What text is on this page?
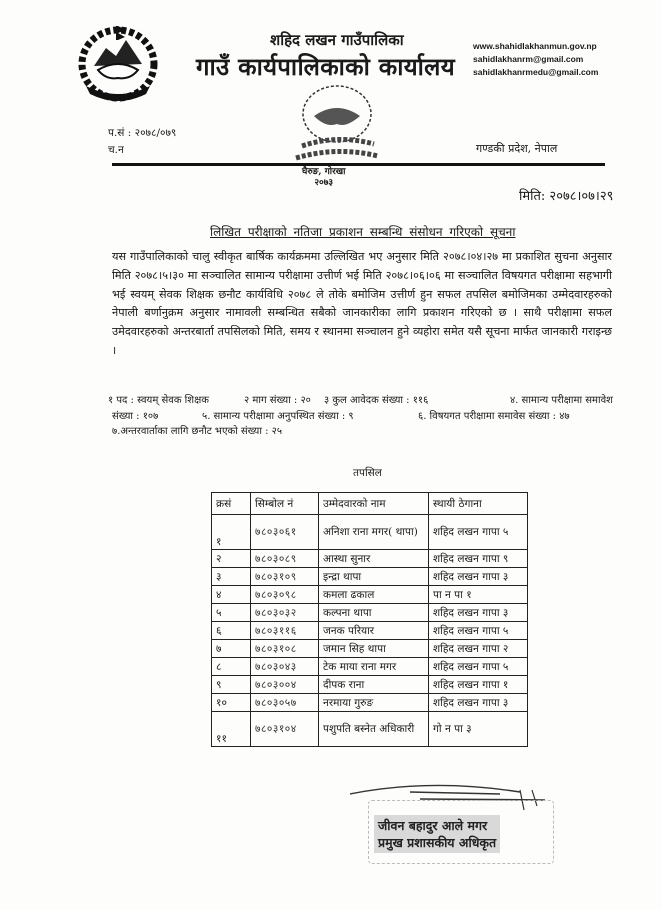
शहिद लखन गाउँपालिका
गाउँ कार्यपालिकाको कार्यालय
www.shahidlakhanmun.gov.np
sahidlakhanrm@gmail.com
sahidlakhanrmedu@gmail.com
प.सं : २०७८/०७९
च.न	गण्डकी प्रदेश, नेपाल
घैरुङ, गोरखा
२०७३
मिति: २०७८।०७।२९
लिखित परीक्षाको नतिजा प्रकाशन सम्बन्धि संसोधन गरिएको सूचना
यस गाउँपालिकाको चालु स्वीकृत बार्षिक कार्यक्रममा उल्लिखित भए अनुसार मिति २०७८।०४।२७ मा प्रकाशित सुचना अनुसार मिति २०७८।५।३० मा सञ्चालित सामान्य परीक्षामा उत्तीर्ण भई मिति २०७८।०६।०६ मा सञ्चालित विषयगत परीक्षामा सहभागी भई स्वयम् सेवक शिक्षक छनौट कार्यविधि २०७८ ले तोके बमोजिम उत्तीर्ण हुन सफल तपसिल बमोजिमका उम्मेदवारहरुको नेपाली बर्णानुक्रम अनुसार नामावली सम्बन्धित सबैको जानकारीका लागि प्रकाशन गरिएको छ । साथै परीक्षामा सफल उमेदवारहरुको अन्तरबार्ता तपसिलको मिति, समय र स्थानमा सञ्चालन हुने व्यहोरा समेत यसै सूचना मार्फत जानकारी गराइन्छ ।
१ पद : स्वयम् सेवक शिक्षक	२ माग संख्या : २० ३ कुल आवेदक संख्या : ११६	४. सामान्य परीक्षामा समावेश
संख्या : १०७	५. सामान्य परीक्षामा अनुपस्थित संख्या : ९	६. विषयगत परीक्षामा समावेस संख्या : ४७
७.अन्तरवार्ताका लागि छनौट भएको संख्या : २५
तपसिल
क्रसं	सिम्बोल नं	उम्मेदवारको नाम	स्थायी ठेगाना
१	७८०३०६१	अनिशा राना मगर( थापा)	शहिद लखन गापा ५
२	७८०३०८९	आस्था सुनार	शहिद लखन गापा ९
३	७८०३१०९	इन्द्रा थापा	शहिद लखन गापा ३
४	७८०३०९८	कमला ढकाल	पा न पा १
५	७८०३०३२	कल्पना थापा	शहिद लखन गापा ३
६	७८०३११६	जनक परियार	शहिद लखन गापा ५
७	७८०३१०८	जमान सिह थापा	शहिद लखन गापा २
८	७८०३०४३	टेक माया राना मगर	शहिद लखन गापा ५
९	७८०३००४	दीपक राना	शहिद लखन गापा १
१०	७८०३०५७	नरमाया गुरुङ	शहिद लखन गापा ३
११	७८०३१०४	पशुपति बस्नेत अधिकारी	गो न पा ३
जीवन बहादुर आले मगर
प्रमुख प्रशासकीय अधिकृत
